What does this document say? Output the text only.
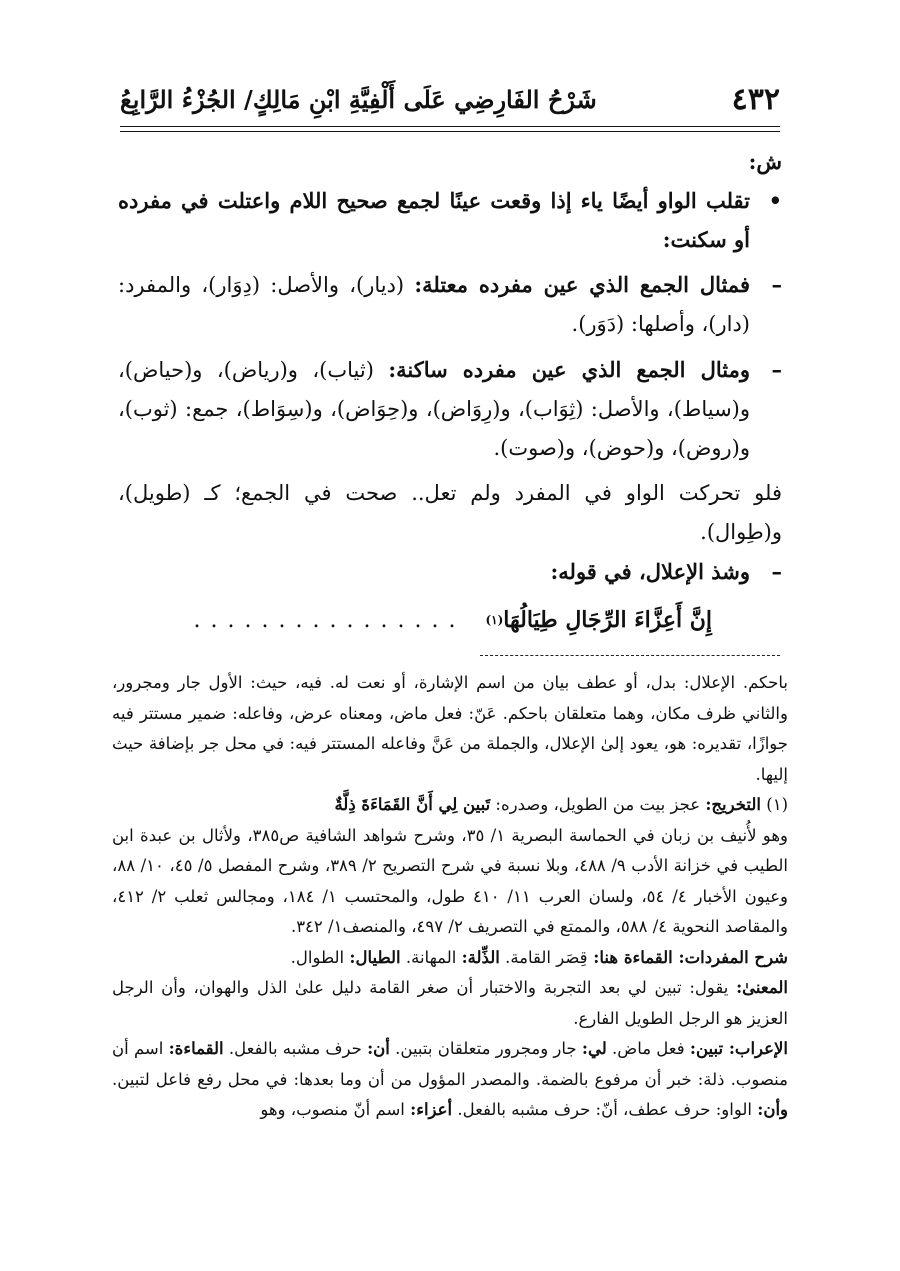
٤٣٢
شَرْحُ الفَارِضِي عَلَى أَلْفِيَّةِ ابْنِ مَالِكٍ/ الجُزْءُ الرَّابِعُ

ش:

•
تقلب الواو أيضًا ياء إذا وقعت عينًا لجمع صحيح اللام واعتلت في مفرده أو سكنت:
–
فمثال الجمع الذي عين مفرده معتلة: (ديار)، والأصل: (دِوَار)، والمفرد: (دار)، وأصلها: (دَوَر).
–
ومثال الجمع الذي عين مفرده ساكنة: (ثياب)، و(رياض)، و(حياض)، و(سياط)، والأصل: (ثِوَاب)، و(رِوَاض)، و(حِوَاض)، و(سِوَاط)، جمع: (ثوب)، و(روض)، و(حوض)، و(صوت).

فلو تحركت الواو في المفرد ولم تعل.. صحت في الجمع؛ كـ (طويل)، و(طِوال).

–
وشذ الإعلال، في قوله:
إِنَّ أَعِزَّاءَ الرِّجَالِ طِيَالُهَا
(١)
................

باحكم. الإعلال: بدل، أو عطف بيان من اسم الإشارة، أو نعت له. فيه، حيث: الأول جار ومجرور، والثاني ظرف مكان، وهما متعلقان باحكم. عَنّ: فعل ماض، ومعناه عرض، وفاعله: ضمير مستتر فيه جوازًا، تقديره: هو، يعود إلىٰ الإعلال، والجملة من عَنَّ وفاعله المستتر فيه: في محل جر بإضافة حيث إليها.

(١) التخريج: عجز بيت من الطويل، وصدره: تَبين لِي أَنَّ القَمَاءَةَ ذِلَّةٌ

وهو لأُنيف بن زبان في الحماسة البصرية ١/ ٣٥، وشرح شواهد الشافية ص٣٨٥، ولأثال بن عبدة ابن الطيب في خزانة الأدب ٩/ ٤٨٨، وبلا نسبة في شرح التصريح ٢/ ٣٨٩، وشرح المفصل ٥/ ٤٥، ١٠/ ٨٨، وعيون الأخبار ٤/ ٥٤، ولسان العرب ١١/ ٤١٠ طول، والمحتسب ١/ ١٨٤، ومجالس ثعلب ٢/ ٤١٢، والمقاصد النحوية ٤/ ٥٨٨، والممتع في التصريف ٢/ ٤٩٧، والمنصف١/ ٣٤٢.

شرح المفردات: القماءة هنا: قِصَر القامة. الذِّلة: المهانة. الطيال: الطوال.

المعنىٰ: يقول: تبين لي بعد التجربة والاختبار أن صغر القامة دليل علىٰ الذل والهوان، وأن الرجل العزيز هو الرجل الطويل الفارع.

الإعراب: تبين: فعل ماض. لي: جار ومجرور متعلقان بتبين. أن: حرف مشبه بالفعل. القماءة: اسم أن منصوب. ذلة: خبر أن مرفوع بالضمة. والمصدر المؤول من أن وما بعدها: في محل رفع فاعل لتبين. وأن: الواو: حرف عطف، أنّ: حرف مشبه بالفعل. أعزاء: اسم أنّ منصوب، وهو
